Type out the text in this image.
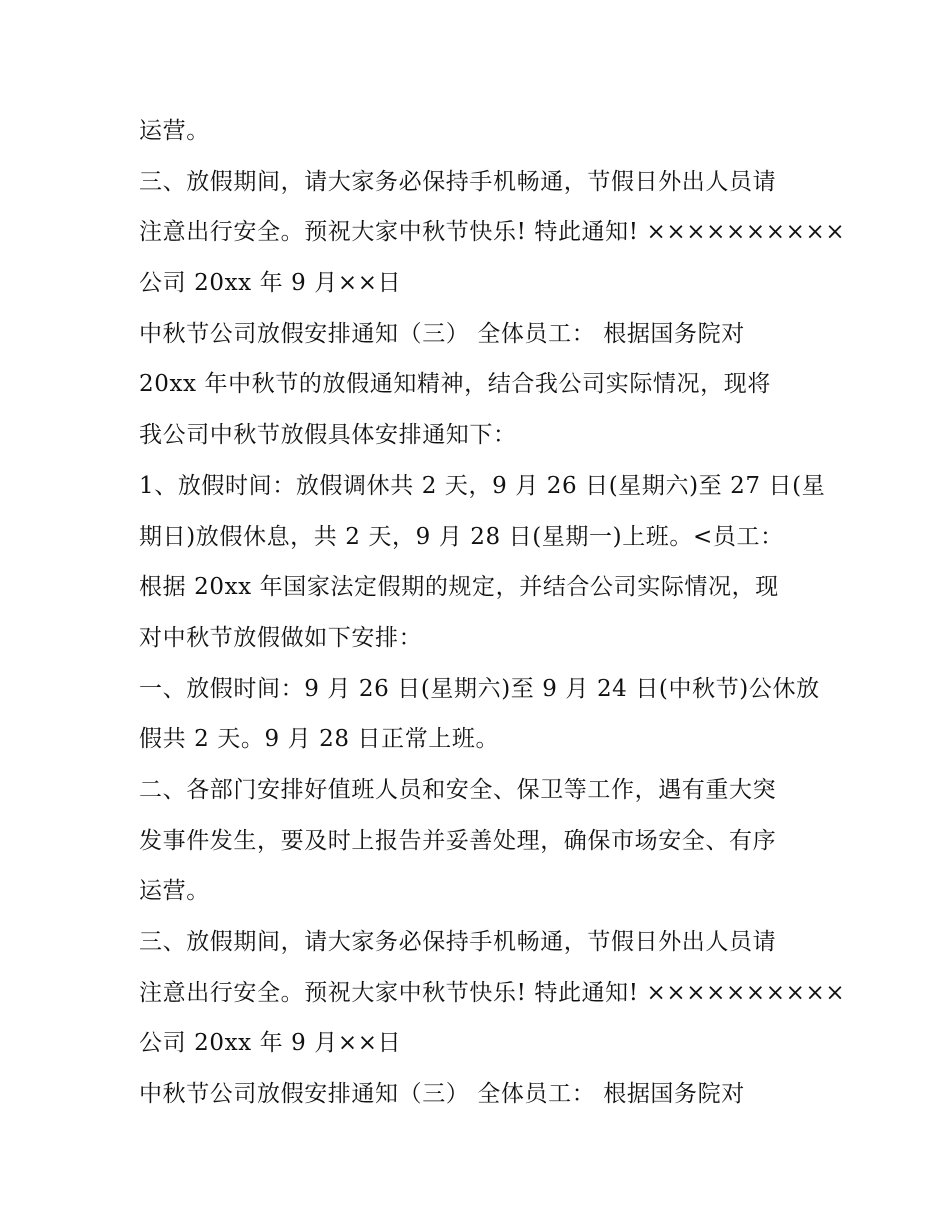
运营。
三、放假期间，请大家务必保持手机畅通，节假日外出人员请
注意出行安全。预祝大家中秋节快乐! 特此通知! ××××××××××
公司 20xx 年 9 月××日
中秋节公司放假安排通知（三） 全体员工： 根据国务院对
20xx 年中秋节的放假通知精神，结合我公司实际情况，现将
我公司中秋节放假具体安排通知下：
1、放假时间：放假调休共 2 天，9 月 26 日(星期六)至 27 日(星
期日)放假休息，共 2 天，9 月 28 日(星期一)上班。<员工：
根据 20xx 年国家法定假期的规定，并结合公司实际情况，现
对中秋节放假做如下安排：
一、放假时间：9 月 26 日(星期六)至 9 月 24 日(中秋节)公休放
假共 2 天。9 月 28 日正常上班。
二、各部门安排好值班人员和安全、保卫等工作，遇有重大突
发事件发生，要及时上报告并妥善处理，确保市场安全、有序
运营。
三、放假期间，请大家务必保持手机畅通，节假日外出人员请
注意出行安全。预祝大家中秋节快乐! 特此通知! ××××××××××
公司 20xx 年 9 月××日
中秋节公司放假安排通知（三） 全体员工： 根据国务院对
